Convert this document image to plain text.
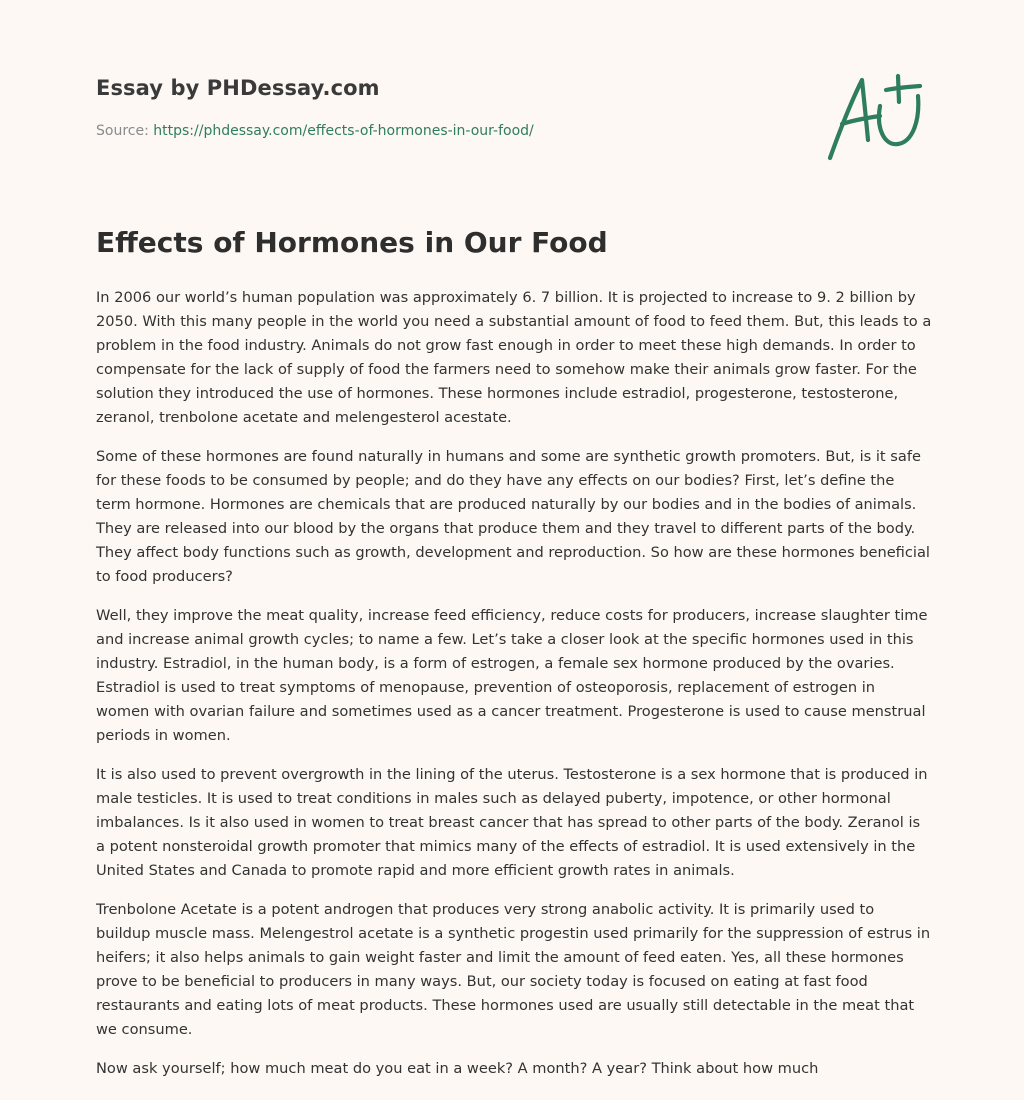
Essay by PHDessay.com
Source: https://phdessay.com/effects-of-hormones-in-our-food/
Effects of Hormones in Our Food

In 2006 our world’s human population was approximately 6. 7 billion. It is projected to increase to 9. 2 billion by 2050. With this many people in the world you need a substantial amount of food to feed them. But, this leads to a problem in the food industry. Animals do not grow fast enough in order to meet these high demands. In order to compensate for the lack of supply of food the farmers need to somehow make their animals grow faster. For the solution they introduced the use of hormones. These hormones include estradiol, progesterone, testosterone, zeranol, trenbolone acetate and melengesterol acestate.

Some of these hormones are found naturally in humans and some are synthetic growth promoters. But, is it safe for these foods to be consumed by people; and do they have any effects on our bodies? First, let’s define the term hormone. Hormones are chemicals that are produced naturally by our bodies and in the bodies of animals. They are released into our blood by the organs that produce them and they travel to different parts of the body. They affect body functions such as growth, development and reproduction. So how are these hormones beneficial to food producers?

Well, they improve the meat quality, increase feed efficiency, reduce costs for producers, increase slaughter time and increase animal growth cycles; to name a few. Let’s take a closer look at the specific hormones used in this industry. Estradiol, in the human body, is a form of estrogen, a female sex hormone produced by the ovaries. Estradiol is used to treat symptoms of menopause, prevention of osteoporosis, replacement of estrogen in women with ovarian failure and sometimes used as a cancer treatment. Progesterone is used to cause menstrual periods in women.

It is also used to prevent overgrowth in the lining of the uterus. Testosterone is a sex hormone that is produced in male testicles. It is used to treat conditions in males such as delayed puberty, impotence, or other hormonal imbalances. Is it also used in women to treat breast cancer that has spread to other parts of the body. Zeranol is a potent nonsteroidal growth promoter that mimics many of the effects of estradiol. It is used extensively in the United States and Canada to promote rapid and more efficient growth rates in animals.

Trenbolone Acetate is a potent androgen that produces very strong anabolic activity. It is primarily used to buildup muscle mass. Melengestrol acetate is a synthetic progestin used primarily for the suppression of estrus in heifers; it also helps animals to gain weight faster and limit the amount of feed eaten. Yes, all these hormones prove to be beneficial to producers in many ways. But, our society today is focused on eating at fast food restaurants and eating lots of meat products. These hormones used are usually still detectable in the meat that we consume.

Now ask yourself; how much meat do you eat in a week? A month? A year? Think about how much
